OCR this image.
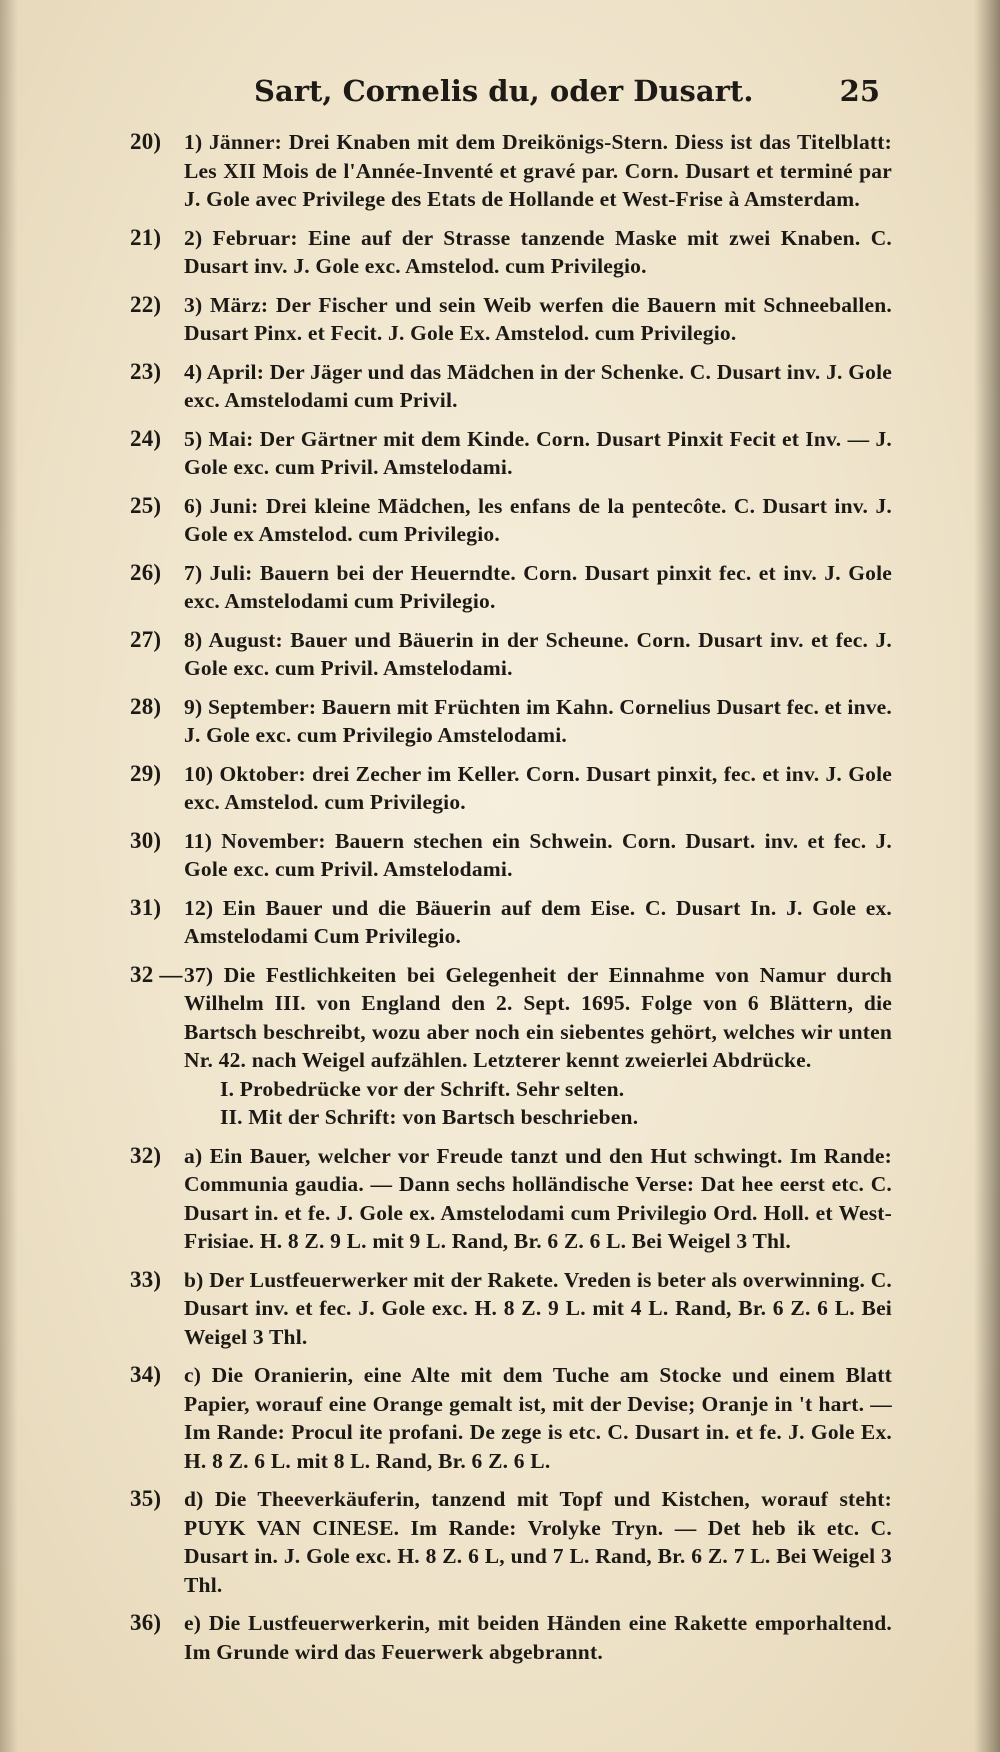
Sart, Cornelis du, oder Dusart.	25
20)	1) Jänner: Drei Knaben mit dem Dreikönigs-Stern. Diess ist das Titelblatt: Les XII Mois de l'Année-Inventé et gravé par. Corn. Dusart et terminé par J. Gole avec Privilege des Etats de Hollande et West-Frise à Amsterdam.
21)	2) Februar: Eine auf der Strasse tanzende Maske mit zwei Knaben. C. Dusart inv. J. Gole exc. Amstelod. cum Privilegio.
22)	3) März: Der Fischer und sein Weib werfen die Bauern mit Schneeballen. Dusart Pinx. et Fecit. J. Gole Ex. Amstelod. cum Privilegio.
23)	4) April: Der Jäger und das Mädchen in der Schenke. C. Dusart inv. J. Gole exc. Amstelodami cum Privil.
24)	5) Mai: Der Gärtner mit dem Kinde. Corn. Dusart Pinxit Fecit et Inv. — J. Gole exc. cum Privil. Amstelodami.
25)	6) Juni: Drei kleine Mädchen, les enfans de la pentecôte. C. Dusart inv. J. Gole ex Amstelod. cum Privilegio.
26)	7) Juli: Bauern bei der Heuerndte. Corn. Dusart pinxit fec. et inv. J. Gole exc. Amstelodami cum Privilegio.
27)	8) August: Bauer und Bäuerin in der Scheune. Corn. Dusart inv. et fec. J. Gole exc. cum Privil. Amstelodami.
28)	9) September: Bauern mit Früchten im Kahn. Cornelius Dusart fec. et inve. J. Gole exc. cum Privilegio Amstelodami.
29)	10) Oktober: drei Zecher im Keller. Corn. Dusart pinxit, fec. et inv. J. Gole exc. Amstelod. cum Privilegio.
30)	11) November: Bauern stechen ein Schwein. Corn. Dusart. inv. et fec. J. Gole exc. cum Privil. Amstelodami.
31)	12) Ein Bauer und die Bäuerin auf dem Eise. C. Dusart In. J. Gole ex. Amstelodami Cum Privilegio.
32 — 37) Die Festlichkeiten bei Gelegenheit der Einnahme von Namur durch Wilhelm III. von England den 2. Sept. 1695. Folge von 6 Blättern, die Bartsch beschreibt, wozu aber noch ein siebentes gehört, welches wir unten Nr. 42. nach Weigel aufzählen. Letzterer kennt zweierlei Abdrücke.
I. Probedrücke vor der Schrift. Sehr selten.
II. Mit der Schrift: von Bartsch beschrieben.
32)	a) Ein Bauer, welcher vor Freude tanzt und den Hut schwingt. Im Rande: Communia gaudia. — Dann sechs holländische Verse: Dat hee eerst etc. C. Dusart in. et fe. J. Gole ex. Amstelodami cum Privilegio Ord. Holl. et West-Frisiae. H. 8 Z. 9 L. mit 9 L. Rand, Br. 6 Z. 6 L. Bei Weigel 3 Thl.
33)	b) Der Lustfeuerwerker mit der Rakete. Vreden is beter als overwinning. C. Dusart inv. et fec. J. Gole exc. H. 8 Z. 9 L. mit 4 L. Rand, Br. 6 Z. 6 L. Bei Weigel 3 Thl.
34)	c) Die Oranierin, eine Alte mit dem Tuche am Stocke und einem Blatt Papier, worauf eine Orange gemalt ist, mit der Devise; Oranje in 't hart. — Im Rande: Procul ite profani. De zege is etc. C. Dusart in. et fe. J. Gole Ex. H. 8 Z. 6 L. mit 8 L. Rand, Br. 6 Z. 6 L.
35)	d) Die Theeverkäuferin, tanzend mit Topf und Kistchen, worauf steht: PUYK VAN CINESE. Im Rande: Vrolyke Tryn. — Det heb ik etc. C. Dusart in. J. Gole exc. H. 8 Z. 6 L, und 7 L. Rand, Br. 6 Z. 7 L. Bei Weigel 3 Thl.
36)	e) Die Lustfeuerwerkerin, mit beiden Händen eine Rakette emporhaltend. Im Grunde wird das Feuerwerk abgebrannt.
